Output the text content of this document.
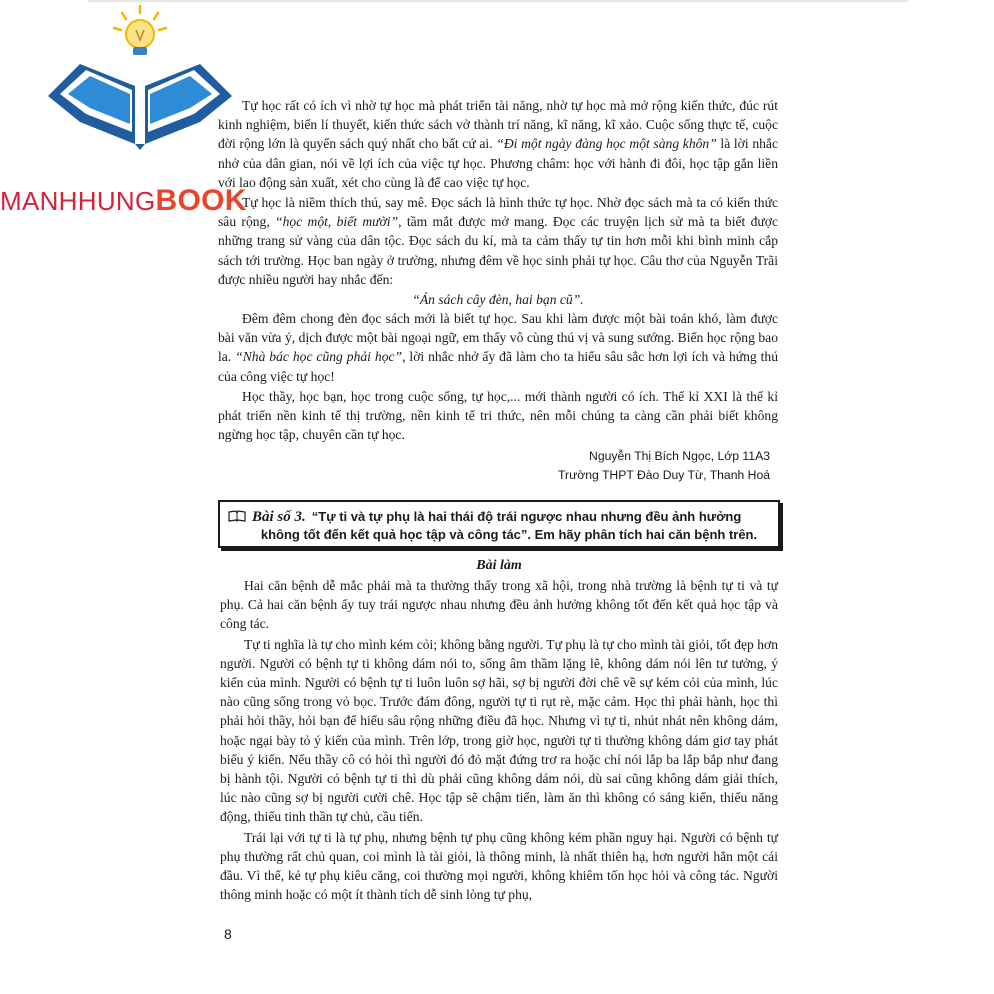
MANHHUNGBOOK

Tự học rất có ích vì nhờ tự học mà phát triển tài năng, nhờ tự học mà mở rộng kiến thức, đúc rút kinh nghiệm, biến lí thuyết, kiến thức sách vở thành trí năng, kĩ năng, kĩ xảo. Cuộc sống thực tế, cuộc đời rộng lớn là quyển sách quý nhất cho bất cứ ai. “Đi một ngày đàng học một sàng khôn” là lời nhắc nhở của dân gian, nói về lợi ích của việc tự học. Phương châm: học với hành đi đôi, học tập gắn liền với lao động sản xuất, xét cho cùng là để cao việc tự học.

Tự học là niềm thích thú, say mê. Đọc sách là hình thức tự học. Nhờ đọc sách mà ta có kiến thức sâu rộng, “học một, biết mười”, tầm mắt được mở mang. Đọc các truyện lịch sử mà ta biết được những trang sử vàng của dân tộc. Đọc sách du kí, mà ta cảm thấy tự tin hơn mỗi khi bình minh cắp sách tới trường. Học ban ngày ở trường, nhưng đêm về học sinh phải tự học. Câu thơ của Nguyễn Trãi được nhiều người hay nhắc đến:

“Án sách cây đèn, hai bạn cũ”.

Đêm đêm chong đèn đọc sách mới là biết tự học. Sau khi làm được một bài toán khó, làm được bài văn vừa ý, dịch được một bài ngoại ngữ, em thấy vô cùng thú vị và sung sướng. Biển học rộng bao la. “Nhà bác học cũng phải học”, lời nhắc nhở ấy đã làm cho ta hiểu sâu sắc hơn lợi ích và hứng thú của công việc tự học!

Học thầy, học bạn, học trong cuộc sống, tự học,... mới thành người có ích. Thế kỉ XXI là thế kỉ phát triển nền kinh tế thị trường, nền kinh tế tri thức, nên mỗi chúng ta càng cần phải biết không ngừng học tập, chuyên cần tự học.

Nguyễn Thị Bích Ngọc, Lớp 11A3

Trường THPT Đào Duy Từ, Thanh Hoá

Bài số 3. “Tự ti và tự phụ là hai thái độ trái ngược nhau nhưng đều ảnh hưởng
không tốt đến kết quả học tập và công tác”. Em hãy phân tích hai căn bệnh trên.

Bài làm

Hai căn bệnh dễ mắc phải mà ta thường thấy trong xã hội, trong nhà trường là bệnh tự ti và tự phụ. Cả hai căn bệnh ấy tuy trái ngược nhau nhưng đều ảnh hưởng không tốt đến kết quả học tập và công tác.

Tự ti nghĩa là tự cho mình kém cỏi; không bằng người. Tự phụ là tự cho mình tài giỏi, tốt đẹp hơn người. Người có bệnh tự ti không dám nói to, sống âm thầm lặng lẽ, không dám nói lên tư tưởng, ý kiến của mình. Người có bệnh tự ti luôn luôn sợ hãi, sợ bị người đời chê về sự kém cỏi của mình, lúc nào cũng sống trong vỏ bọc. Trước đám đông, người tự ti rụt rè, mặc cảm. Học thì phải hành, học thì phải hỏi thầy, hỏi bạn để hiểu sâu rộng những điều đã học. Nhưng vì tự ti, nhút nhát nên không dám, hoặc ngại bày tỏ ý kiến của mình. Trên lớp, trong giờ học, người tự ti thường không dám giơ tay phát biểu ý kiến. Nếu thầy cô có hỏi thì người đó đỏ mặt đứng trơ ra hoặc chỉ nói lắp ba lắp bắp như đang bị hành tội. Người có bệnh tự ti thì dù phải cũng không dám nói, dù sai cũng không dám giải thích, lúc nào cũng sợ bị người cười chê. Học tập sẽ chậm tiến, làm ăn thì không có sáng kiến, thiếu năng động, thiếu tinh thần tự chủ, cầu tiến.

Trái lại với tự ti là tự phụ, nhưng bệnh tự phụ cũng không kém phần nguy hại. Người có bệnh tự phụ thường rất chủ quan, coi mình là tài giỏi, là thông minh, là nhất thiên hạ, hơn người hẳn một cái đầu. Vì thế, kẻ tự phụ kiêu căng, coi thường mọi người, không khiêm tốn học hỏi và công tác. Người thông minh hoặc có một ít thành tích dễ sinh lòng tự phụ,

8
